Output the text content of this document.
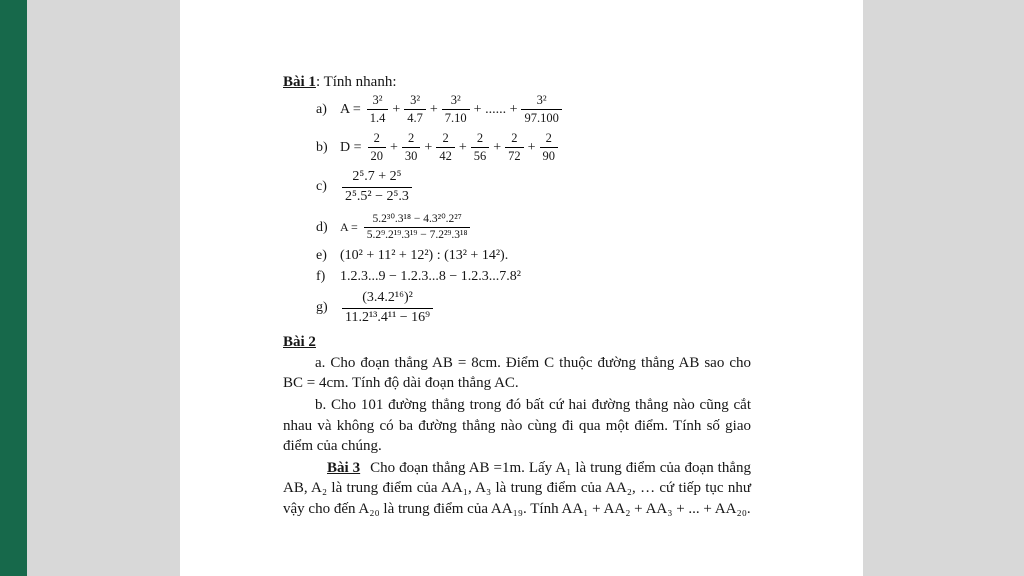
Bài 1: Tính nhanh:
a) $A = \frac{\text{3²}}{1.4} + \frac{\text{3²}}{4.7} + \frac{\text{3²}}{7.10}$ + ...... + $\frac{\text{3²}}{97.100}$
b) $D = \frac{2}{20} + \frac{2}{30} + \frac{2}{42} + \frac{2}{56} + \frac{2}{72} + \frac{2}{90}$
c)	$\frac{\text{2⁵.7 + 2⁵}}{\text{2⁵.5² − 2⁵.3}}$
d)	$A = \frac{\text{5.2³⁰.3¹⁸ − 4.3²⁰.2²⁷}}{\text{5.2⁹.2¹⁹.3¹⁹ − 7.2²⁹.3¹⁸}}$
e) (10² + 11² + 12²) : (13² + 14²).
f)	1.2.3...9 − 1.2.3...8 − 1.2.3...7.8²
g)	$\frac{\text{(3.4.2¹⁶)²}}{\text{11.2¹³.4¹¹ − 16⁹}}$
Bài 2

a. Cho đoạn thẳng AB = 8cm. Điểm C thuộc đường thẳng AB sao cho BC = 4cm. Tính độ dài đoạn thẳng AC.

b. Cho 101 đường thẳng trong đó bất cứ hai đường thẳng nào cũng cắt nhau và không có ba đường thẳng nào cùng đi qua một điểm. Tính số giao điểm của chúng.

Bài 3 Cho đoạn thẳng AB =1m. Lấy A₁ là trung điểm của đoạn thẳng AB, A₂ là trung điểm của AA₁, A₃ là trung điểm của AA₂, … cứ tiếp tục như vậy cho đến A₂₀ là trung điểm của AA₁₉. Tính AA₁ + AA₂ + AA₃ + ... + AA₂₀.
